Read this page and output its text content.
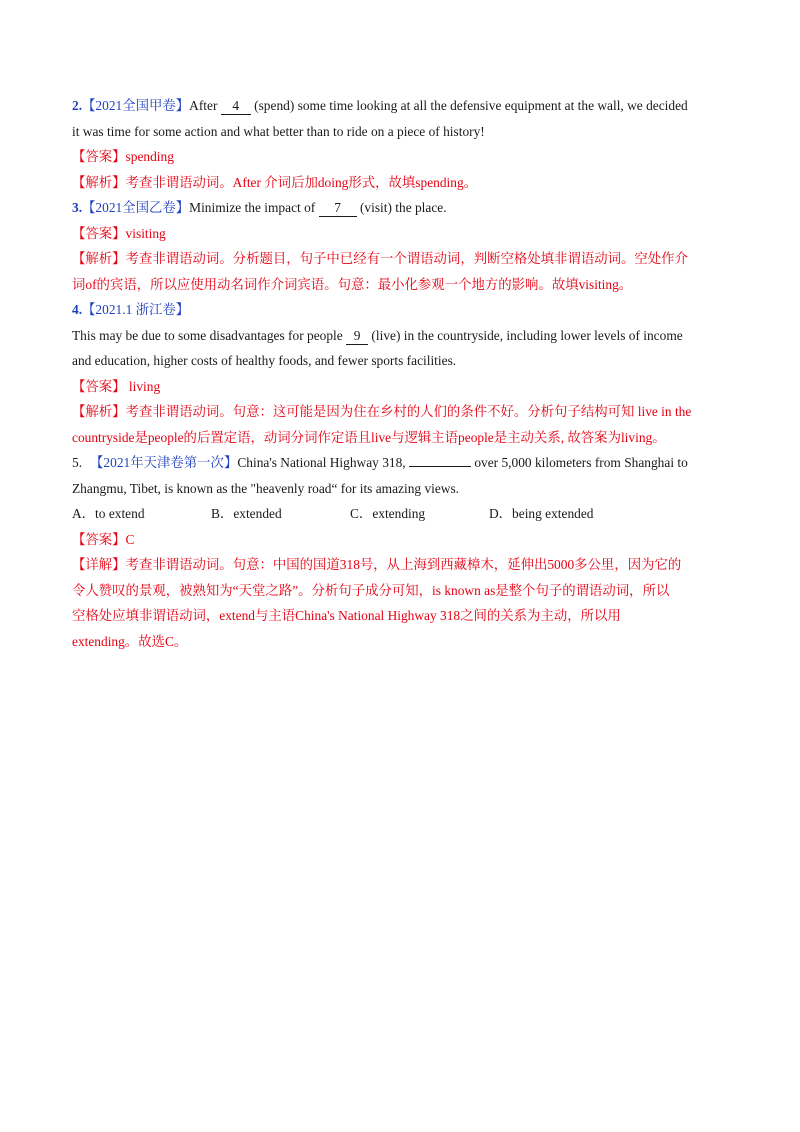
2.【2021全国甲卷】After 4 (spend) some time looking at all the defensive equipment at the wall, we decided
it was time for some action and what better than to ride on a piece of history!
【答案】spending
【解析】考查非谓语动词。After 介词后加doing形式，故填spending。
3.【2021全国乙卷】Minimize the impact of 7 (visit) the place.
【答案】visiting
【解析】考查非谓语动词。分析题目，句子中已经有一个谓语动词，判断空格处填非谓语动词。空处作介
词of的宾语，所以应使用动名词作介词宾语。句意：最小化参观一个地方的影响。故填visiting。
4.【2021.1 浙江卷】
This may be due to some disadvantages for people 9 (live) in the countryside, including lower levels of income
and education, higher costs of healthy foods, and fewer sports facilities.
【答案】 living
【解析】考查非谓语动词。句意：这可能是因为住在乡村的人们的条件不好。分析句子结构可知 live in the
countryside是people的后置定语，动词分词作定语且live与逻辑主语people是主动关系, 故答案为living。
5. 【2021年天津卷第一次】China's National Highway 318,	over 5,000 kilometers from Shanghai to
Zhangmu, Tibet, is known as the "heavenly road“ for its amazing views.
A．to extend	B．extended	C．extending	D．being extended
【答案】C
【详解】考查非谓语动词。句意：中国的国道318号，从上海到西藏樟木，延伸出5000多公里，因为它的
令人赞叹的景观，被熟知为“天堂之路”。分析句子成分可知，is known as是整个句子的谓语动词，所以
空格处应填非谓语动词，extend与主语China's National Highway 318之间的关系为主动，所以用
extending。故选C。
